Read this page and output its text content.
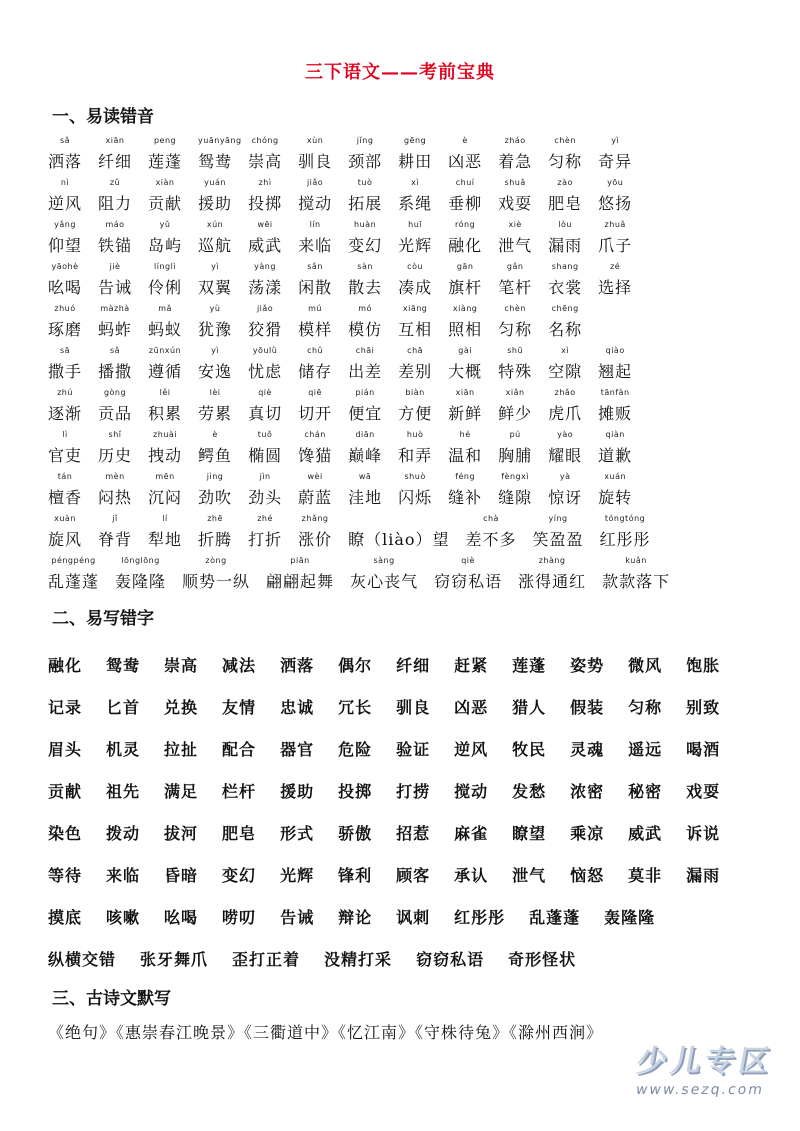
三下语文——考前宝典
一、易读错音
sǎ
洒落
xiān
纤细
peng
莲蓬
yuānyāng
鸳鸯
chóng
崇高
xùn
驯良
jǐng
颈部
gēng
耕田
è
凶恶
zháo
着急
chèn
匀称
yì
奇异
nì
逆风
zǔ
阻力
xiàn
贡献
yuán
援助
zhì
投掷
jiǎo
搅动
tuò
拓展
xì
系绳
chuí
垂柳
shuǎ
戏耍
zào
肥皂
yōu
悠扬
yǎng
仰望
máo
铁锚
yǔ
岛屿
xún
巡航
wēi
威武
lín
来临
huàn
变幻
huī
光辉
róng
融化
xiè
泄气
lòu
漏雨
zhuǎ
爪子
yāohè
吆喝
jiè
告诫
línglì
伶俐
yì
双翼
yàng
荡漾
sǎn
闲散
sàn
散去
còu
凑成
gān
旗杆
gǎn
笔杆
shang
衣裳
zé
选择
zhuó
琢磨
màzhà
蚂蚱
mǎ
蚂蚁
yù
犹豫
jiǎo
狡猾
mú
模样
mó
模仿
xiāng
互相
xiàng
照相
chèn
匀称
chēng
名称
sā
撒手
sǎ
播撒
zūnxún
遵循
yì
安逸
yōulǜ
忧虑
chǔ
储存
chāi
出差
chā
差别
gài
大概
shū
特殊
xì
空隙
qiào
翘起
zhú
逐渐
gòng
贡品
lěi
积累
lèi
劳累
qiè
真切
qiē
切开
pián
便宜
biàn
方便
xiān
新鲜
xiǎn
鲜少
zhǎo
虎爪
tānfàn
摊贩
lì
官吏
shǐ
历史
zhuài
拽动
è
鳄鱼
tuǒ
椭圆
chán
馋猫
diān
巅峰
huò
和弄
hé
温和
pú
胸脯
yào
耀眼
qiàn
道歉
tán
檀香
mèn
闷热
mēn
沉闷
jìng
劲吹
jìn
劲头
wèi
蔚蓝
wā
洼地
shuò
闪烁
féng
缝补
fèngxì
缝隙
yà
惊讶
xuán
旋转
xuàn
旋风
jǐ
脊背
lí
犁地
zhē
折腾
zhé
打折
zhǎng
涨价 瞭（liào）望
chà
差不多
yíng
笑盈盈
tóngtóng
红彤彤
péngpéng
乱蓬蓬
lōnglōng
轰隆隆
zòng
顺势一纵
piān
翩翩起舞
sàng
灰心丧气
qiè
窃窃私语
zhàng
涨得通红
kuǎn
款款落下
二、易写错字
融化 鸳鸯 崇高 减法 洒落 偶尔 纤细 赶紧 莲蓬 姿势 微风 饱胀
记录 匕首 兑换 友情 忠诚 冗长 驯良 凶恶 猎人 假装 匀称 别致
眉头 机灵 拉扯 配合 器官 危险 验证 逆风 牧民 灵魂 遥远 喝酒
贡献 祖先 满足 栏杆 援助 投掷 打捞 搅动 发愁 浓密 秘密 戏耍
染色 拨动 拔河 肥皂 形式 骄傲 招惹 麻雀 瞭望 乘凉 威武 诉说
等待 来临 昏暗 变幻 光辉 锋利 顾客 承认 泄气 恼怒 莫非 漏雨
摸底 咳嗽 吆喝 唠叨 告诫 辩论 讽刺 红彤彤 乱蓬蓬 轰隆隆
纵横交错 张牙舞爪 歪打正着 没精打采 窃窃私语 奇形怪状
三、古诗文默写
《绝句》《惠崇春江晚景》《三衢道中》《忆江南》《守株待兔》《滁州西涧》
少儿专区
www.sezq.com
